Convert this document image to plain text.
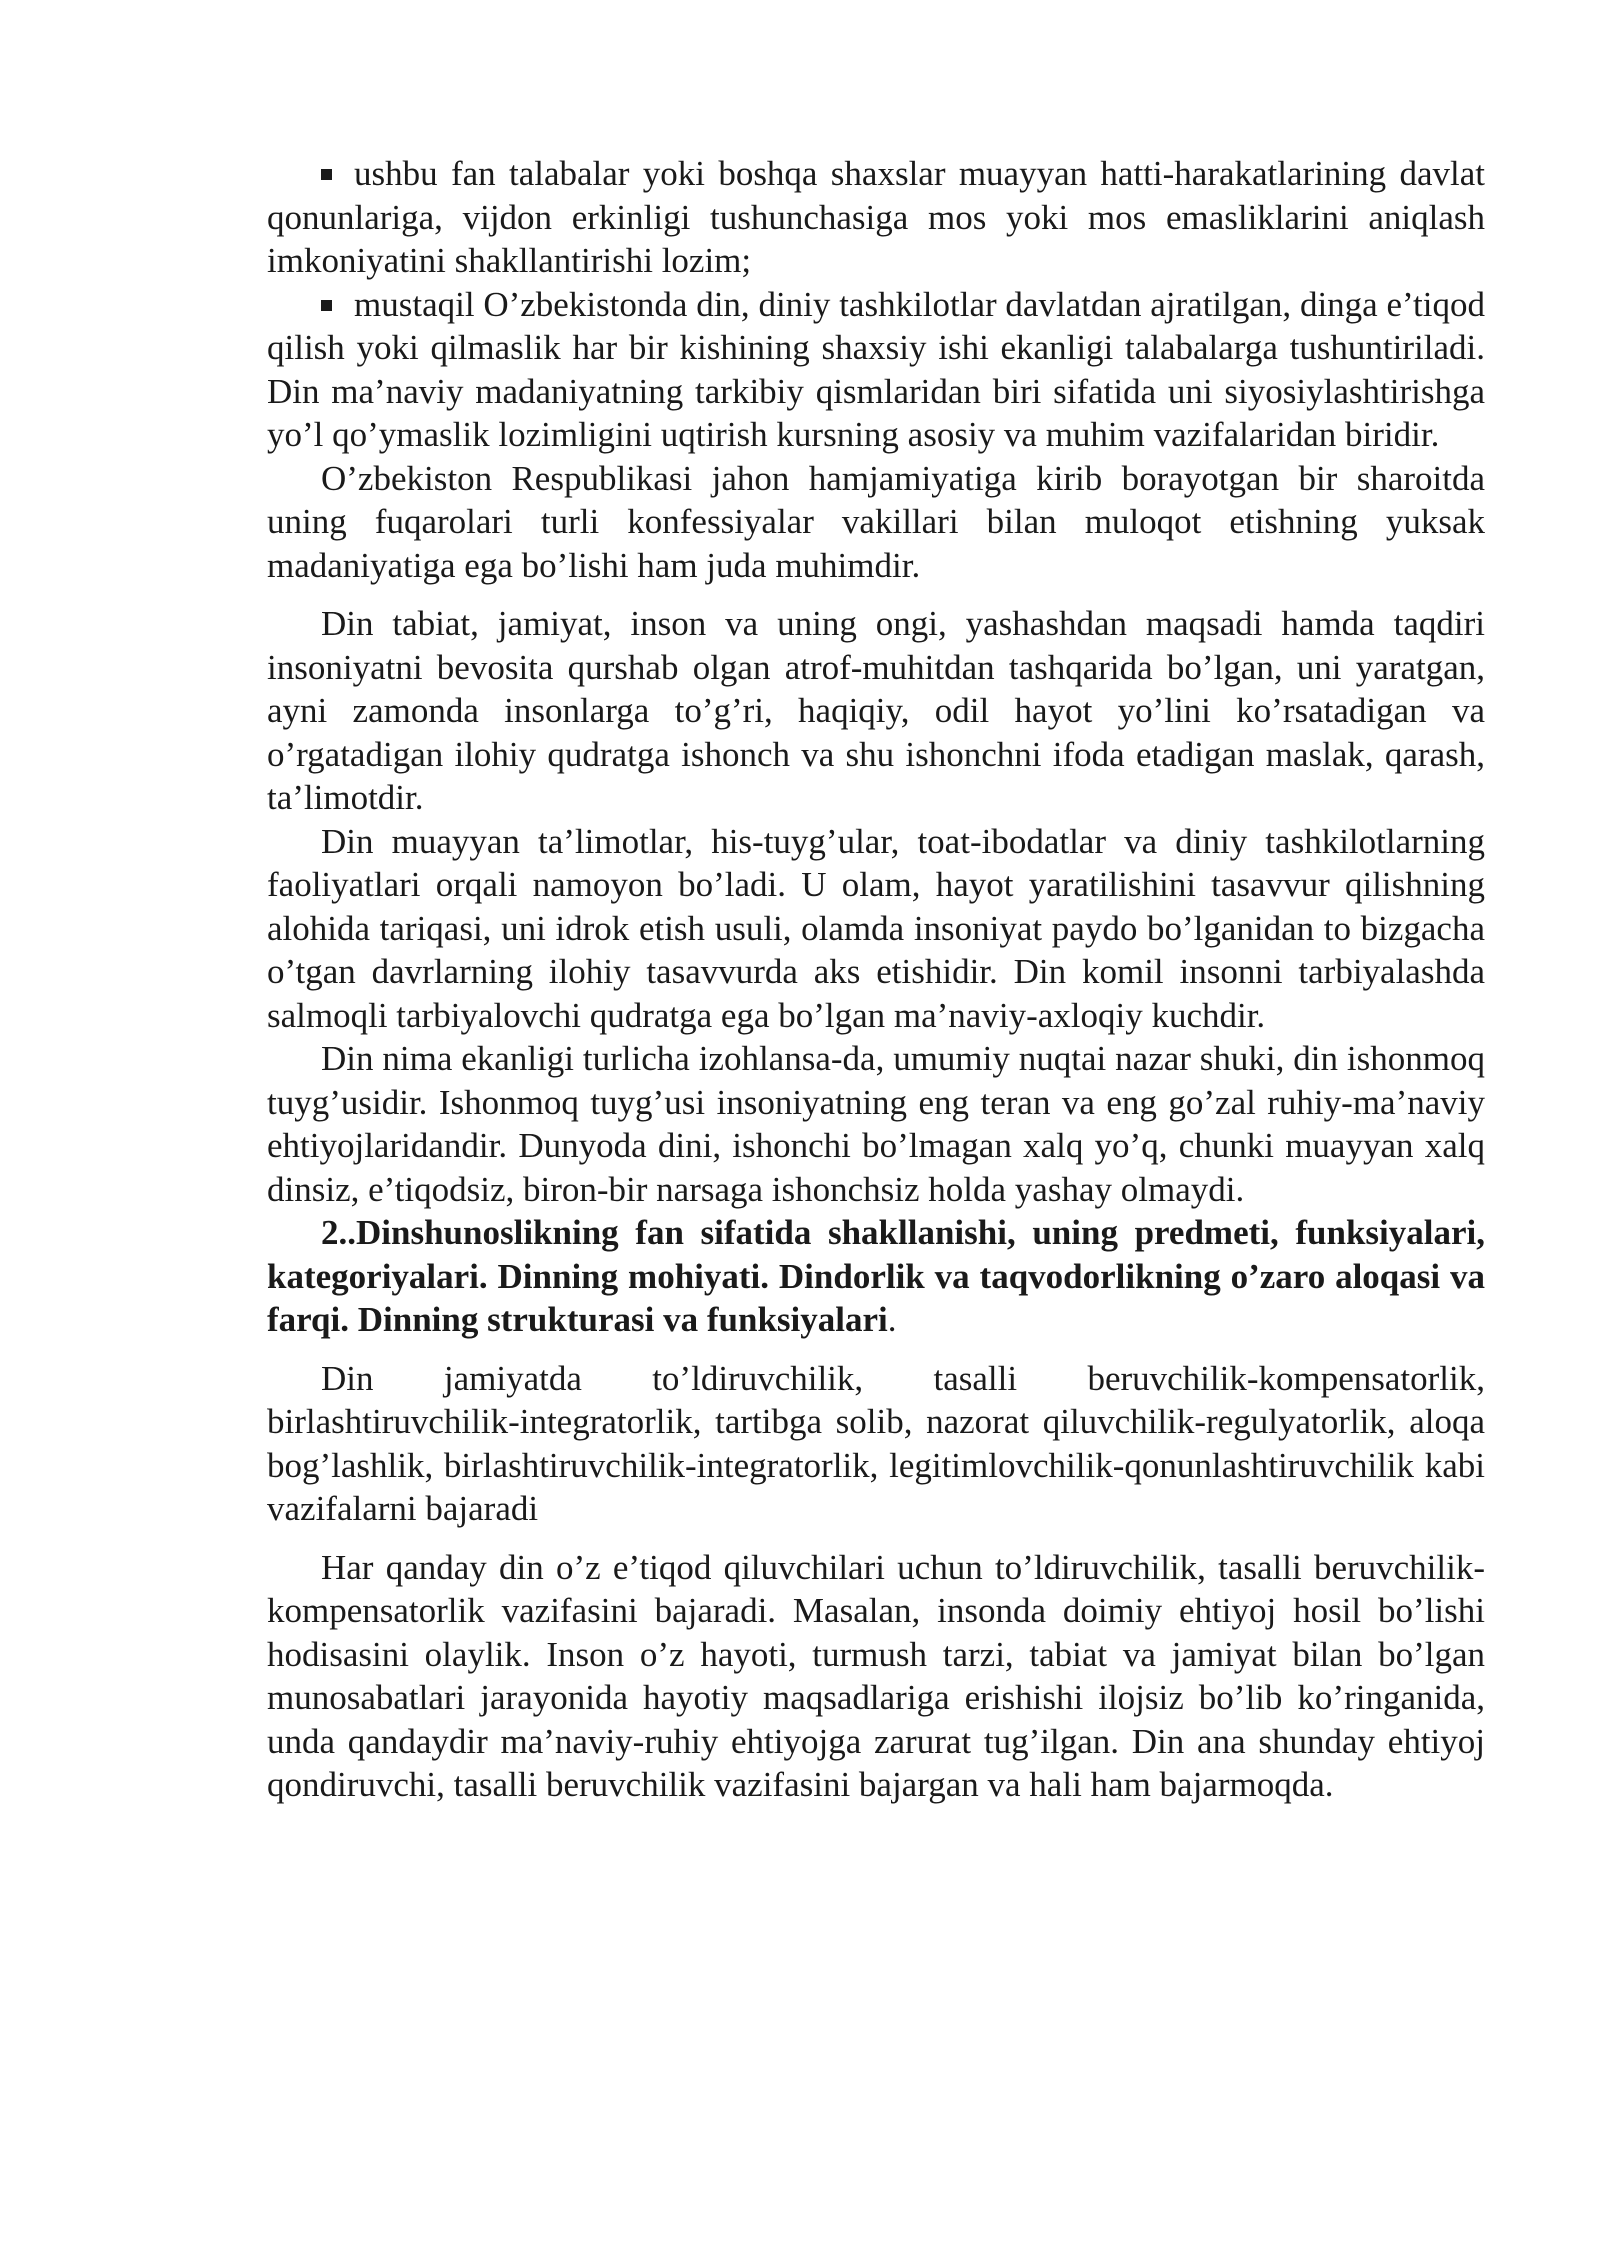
ushbu fan talabalar yoki boshqa shaxslar muayyan hatti-harakatlarining davlat qonunlariga, vijdon erkinligi tushunchasiga mos yoki mos emasliklarini aniqlash imkoniyatini shakllantirishi lozim;

mustaqil O’zbekistonda din, diniy tashkilotlar davlatdan ajratilgan, dinga e’tiqod qilish yoki qilmaslik har bir kishining shaxsiy ishi ekanligi talabalarga tushuntiriladi. Din ma’naviy madaniyatning tarkibiy qismlaridan biri sifatida uni siyosiylashtirishga yo’l qo’ymaslik lozimligini uqtirish kursning asosiy va muhim vazifalaridan biridir.

O’zbekiston Respublikasi jahon hamjamiyatiga kirib borayotgan bir sharoitda uning fuqarolari turli konfessiyalar vakillari bilan muloqot etishning yuksak madaniyatiga ega bo’lishi ham juda muhimdir.

Din tabiat, jamiyat, inson va uning ongi, yashashdan maqsadi hamda taqdiri insoniyatni bevosita qurshab olgan atrof-muhitdan tashqarida bo’lgan, uni yaratgan, ayni zamonda insonlarga to’g’ri, haqiqiy, odil hayot yo’lini ko’rsatadigan va o’rgatadigan ilohiy qudratga ishonch va shu ishonchni ifoda etadigan maslak, qarash, ta’limotdir.

Din muayyan ta’limotlar, his-tuyg’ular, toat-ibodatlar va diniy tashkilotlarning faoliyatlari orqali namoyon bo’ladi. U olam, hayot yaratilishini tasavvur qilishning alohida tariqasi, uni idrok etish usuli, olamda insoniyat paydo bo’lganidan to bizgacha o’tgan davrlarning ilohiy tasavvurda aks etishidir. Din komil insonni tarbiyalashda salmoqli tarbiyalovchi qudratga ega bo’lgan ma’naviy-axloqiy kuchdir.

Din nima ekanligi turlicha izohlansa-da, umumiy nuqtai nazar shuki, din ishonmoq tuyg’usidir. Ishonmoq tuyg’usi insoniyatning eng teran va eng go’zal ruhiy-ma’naviy ehtiyojlaridandir. Dunyoda dini, ishonchi bo’lmagan xalq yo’q, chunki muayyan xalq dinsiz, e’tiqodsiz, biron-bir narsaga ishonchsiz holda yashay olmaydi.

2..Dinshunoslikning fan sifatida shakllanishi, uning predmeti, funksiyalari, kategoriyalari. Dinning mohiyati. Dindorlik va taqvodorlikning o’zaro aloqasi va farqi. Dinning strukturasi va funksiyalari.

Din jamiyatda to’ldiruvchilik, tasalli beruvchilik-kompensatorlik, birlashtiruvchilik-integratorlik, tartibga solib, nazorat qiluvchilik-regulyatorlik, aloqa bog’lashlik, birlashtiruvchilik-integratorlik, legitimlovchilik-qonunlashtiruvchilik kabi vazifalarni bajaradi

Har qanday din o’z e’tiqod qiluvchilari uchun to’ldiruvchilik, tasalli beruvchilik-kompensatorlik vazifasini bajaradi. Masalan, insonda doimiy ehtiyoj hosil bo’lishi hodisasini olaylik. Inson o’z hayoti, turmush tarzi, tabiat va jamiyat bilan bo’lgan munosabatlari jarayonida hayotiy maqsadlariga erishishi ilojsiz bo’lib ko’ringanida, unda qandaydir ma’naviy-ruhiy ehtiyojga zarurat tug’ilgan. Din ana shunday ehtiyoj qondiruvchi, tasalli beruvchilik vazifasini bajargan va hali ham bajarmoqda.
